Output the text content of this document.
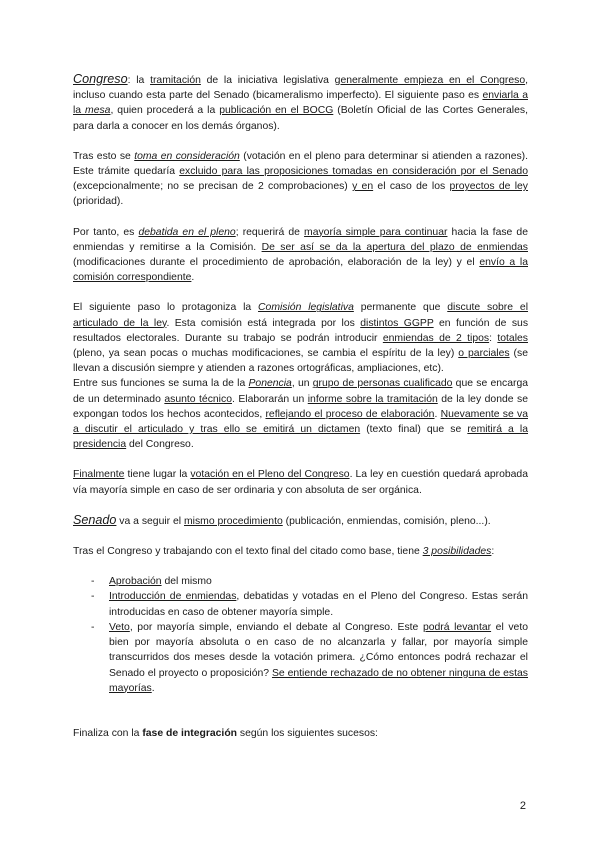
Congreso: la tramitación de la iniciativa legislativa generalmente empieza en el Congreso, incluso cuando esta parte del Senado (bicameralismo imperfecto). El siguiente paso es enviarla a la mesa, quien procederá a la publicación en el BOCG (Boletín Oficial de las Cortes Generales, para darla a conocer en los demás órganos).

Tras esto se toma en consideración (votación en el pleno para determinar si atienden a razones). Este trámite quedaría excluido para las proposiciones tomadas en consideración por el Senado (excepcionalmente; no se precisan de 2 comprobaciones) y en el caso de los proyectos de ley (prioridad).

Por tanto, es debatida en el pleno; requerirá de mayoría simple para continuar hacia la fase de enmiendas y remitirse a la Comisión. De ser así se da la apertura del plazo de enmiendas (modificaciones durante el procedimiento de aprobación, elaboración de la ley) y el envío a la comisión correspondiente.

El siguiente paso lo protagoniza la Comisión legislativa permanente que discute sobre el articulado de la ley. Esta comisión está integrada por los distintos GGPP en función de sus resultados electorales. Durante su trabajo se podrán introducir enmiendas de 2 tipos: totales (pleno, ya sean pocas o muchas modificaciones, se cambia el espíritu de la ley) o parciales (se llevan a discusión siempre y atienden a razones ortográficas, ampliaciones, etc).

Entre sus funciones se suma la de la Ponencia, un grupo de personas cualificado que se encarga de un determinado asunto técnico. Elaborarán un informe sobre la tramitación de la ley donde se expongan todos los hechos acontecidos, reflejando el proceso de elaboración. Nuevamente se va a discutir el articulado y tras ello se emitirá un dictamen (texto final) que se remitirá a la presidencia del Congreso.

Finalmente tiene lugar la votación en el Pleno del Congreso. La ley en cuestión quedará aprobada vía mayoría simple en caso de ser ordinaria y con absoluta de ser orgánica.

Senado va a seguir el mismo procedimiento (publicación, enmiendas, comisión, pleno...).

Tras el Congreso y trabajando con el texto final del citado como base, tiene 3 posibilidades:

- Aprobación del mismo
- Introducción de enmiendas, debatidas y votadas en el Pleno del Congreso. Estas serán introducidas en caso de obtener mayoría simple.
- Veto, por mayoría simple, enviando el debate al Congreso. Este podrá levantar el veto bien por mayoría absoluta o en caso de no alcanzarla y fallar, por mayoría simple transcurridos dos meses desde la votación primera. ¿Cómo entonces podrá rechazar el Senado el proyecto o proposición? Se entiende rechazado de no obtener ninguna de estas mayorías.

Finaliza con la fase de integración según los siguientes sucesos:

2
